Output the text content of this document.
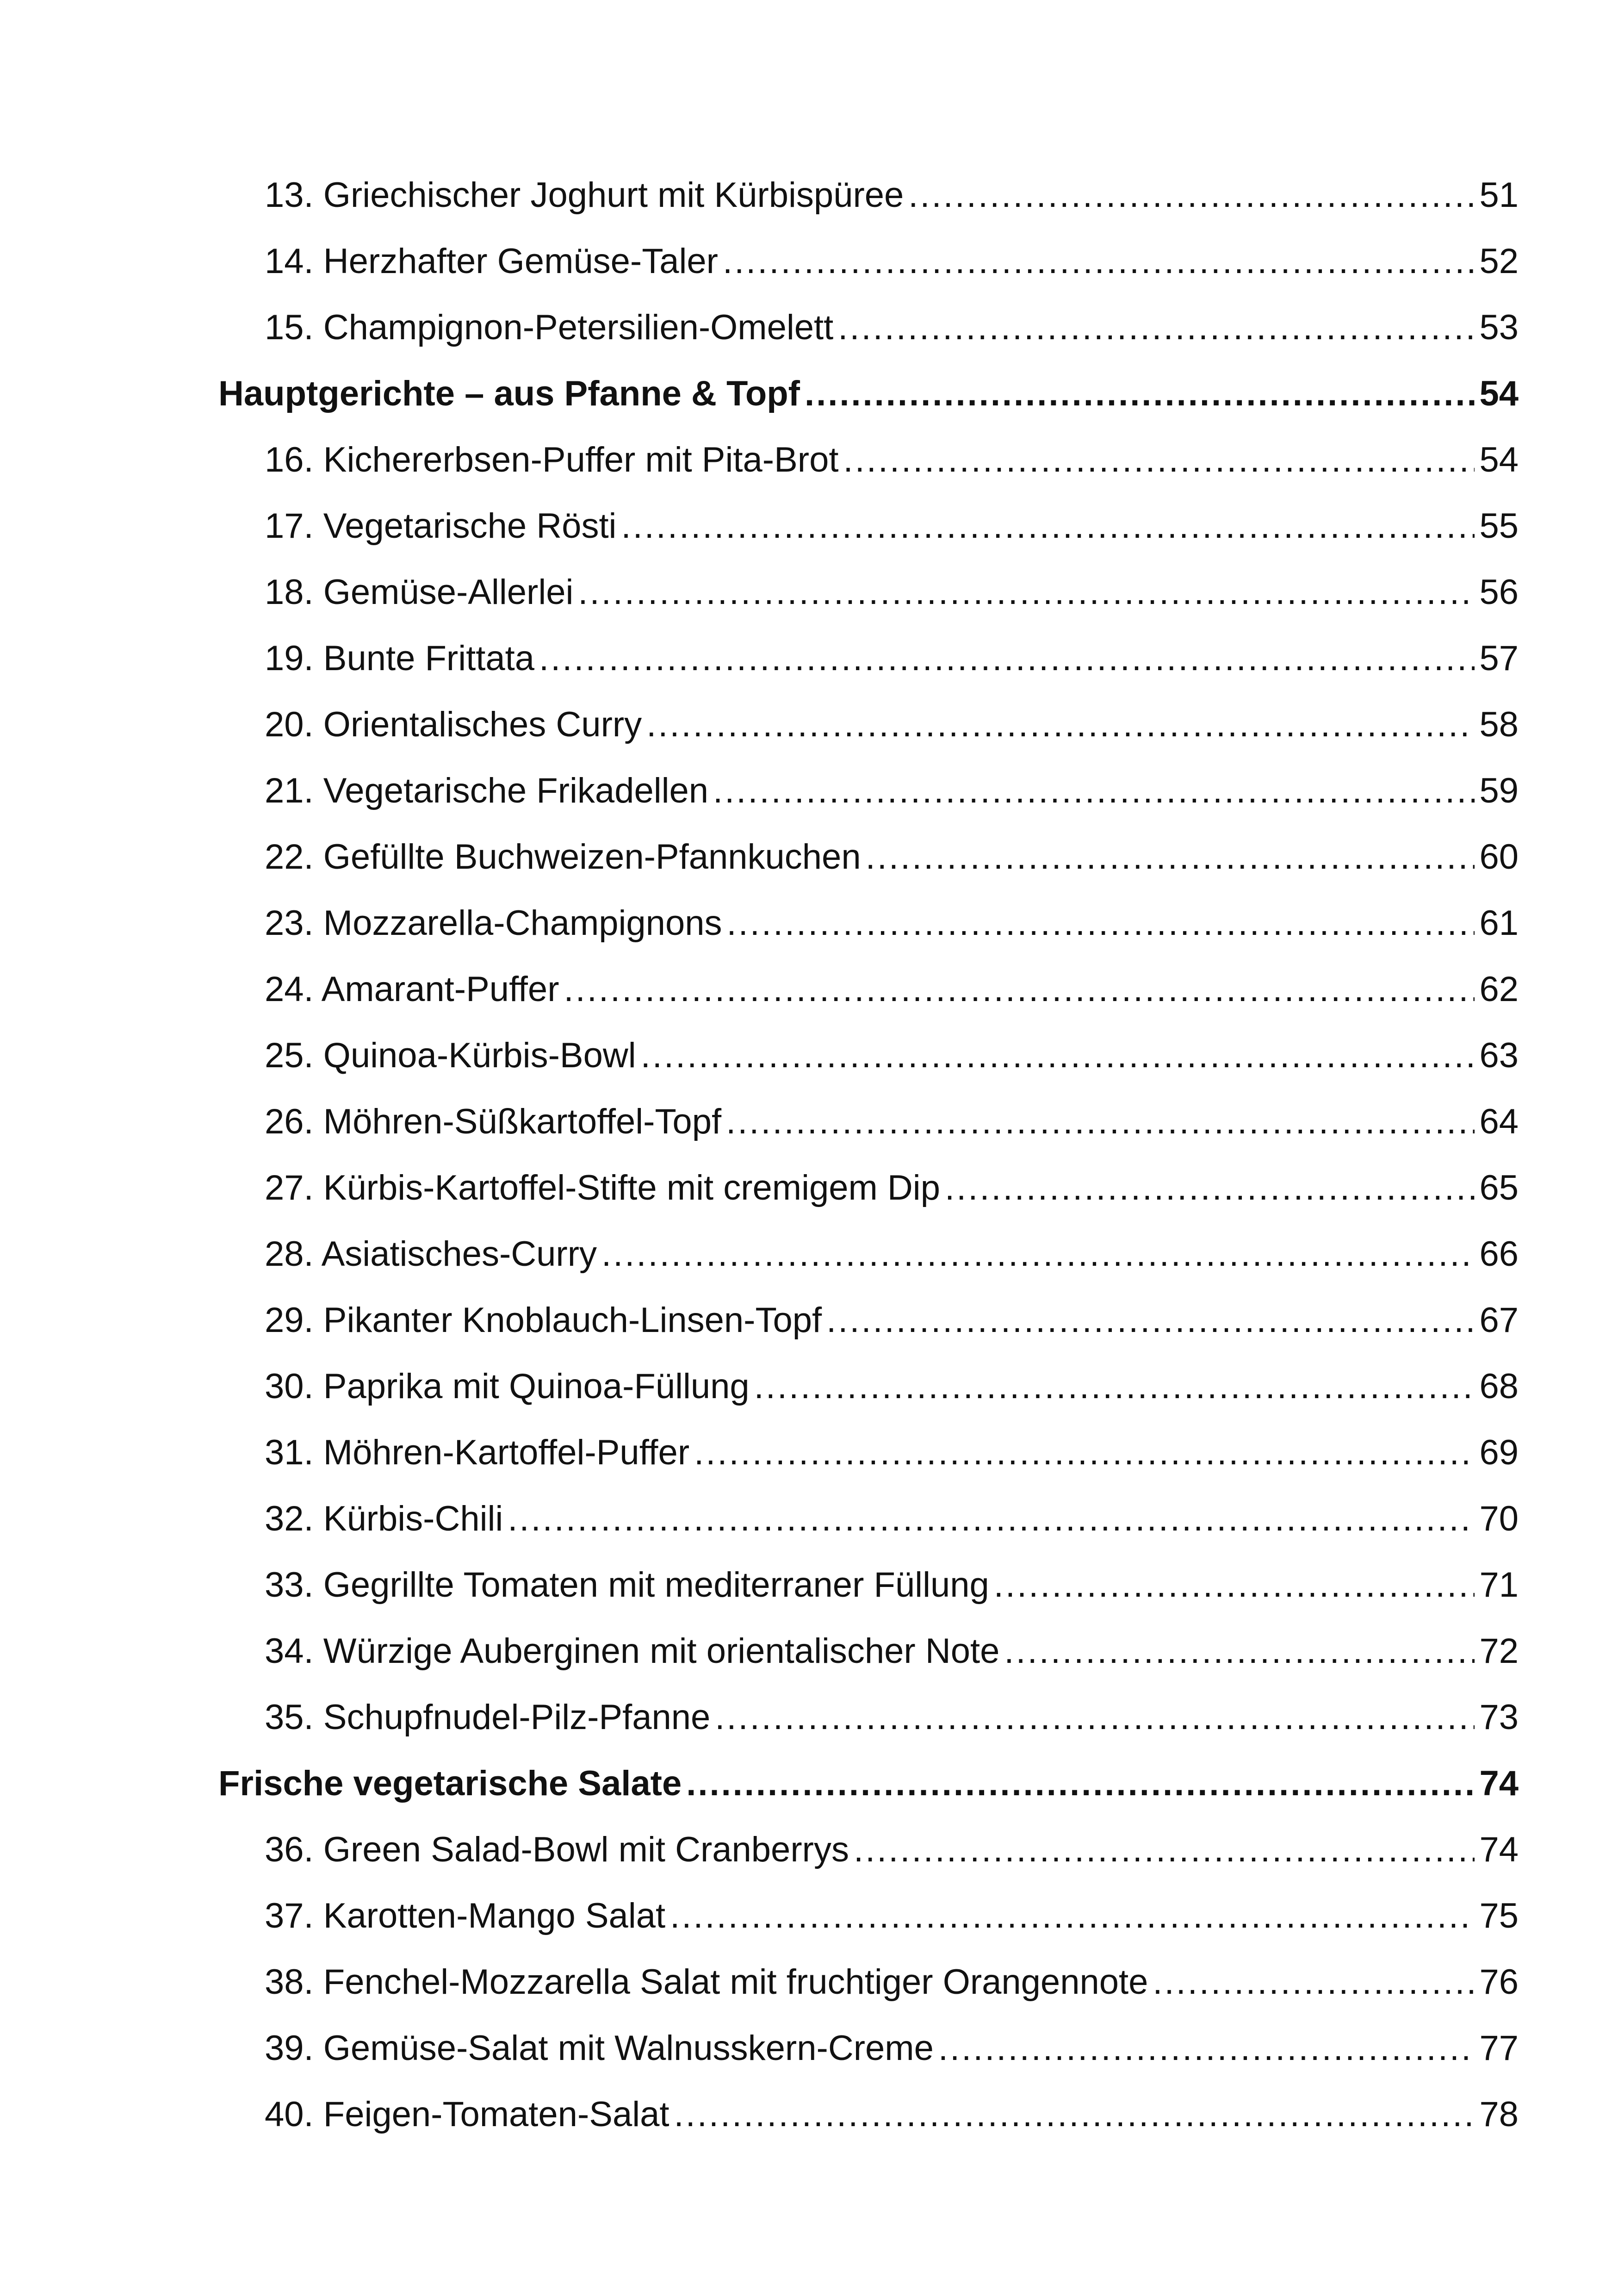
13. Griechischer Joghurt mit Kürbispüree .....	51
14. Herzhafter Gemüse-Taler .....	52
15. Champignon-Petersilien-Omelett .....	53
Hauptgerichte – aus Pfanne & Topf .....	54
16. Kichererbsen-Puffer mit Pita-Brot .....	54
17. Vegetarische Rösti .....	55
18. Gemüse-Allerlei .....	56
19. Bunte Frittata .....	57
20. Orientalisches Curry .....	58
21. Vegetarische Frikadellen .....	59
22. Gefüllte Buchweizen-Pfannkuchen .....	60
23. Mozzarella-Champignons .....	61
24. Amarant-Puffer .....	62
25. Quinoa-Kürbis-Bowl .....	63
26. Möhren-Süßkartoffel-Topf .....	64
27. Kürbis-Kartoffel-Stifte mit cremigem Dip .....	65
28. Asiatisches-Curry .....	66
29. Pikanter Knoblauch-Linsen-Topf .....	67
30. Paprika mit Quinoa-Füllung .....	68
31. Möhren-Kartoffel-Puffer .....	69
32. Kürbis-Chili .....	70
33. Gegrillte Tomaten mit mediterraner Füllung .....	71
34. Würzige Auberginen mit orientalischer Note .....	72
35. Schupfnudel-Pilz-Pfanne .....	73
Frische vegetarische Salate .....	74
36. Green Salad-Bowl mit Cranberrys .....	74
37. Karotten-Mango Salat .....	75
38. Fenchel-Mozzarella Salat mit fruchtiger Orangennote .....	76
39. Gemüse-Salat mit Walnusskern-Creme .....	77
40. Feigen-Tomaten-Salat .....	78
